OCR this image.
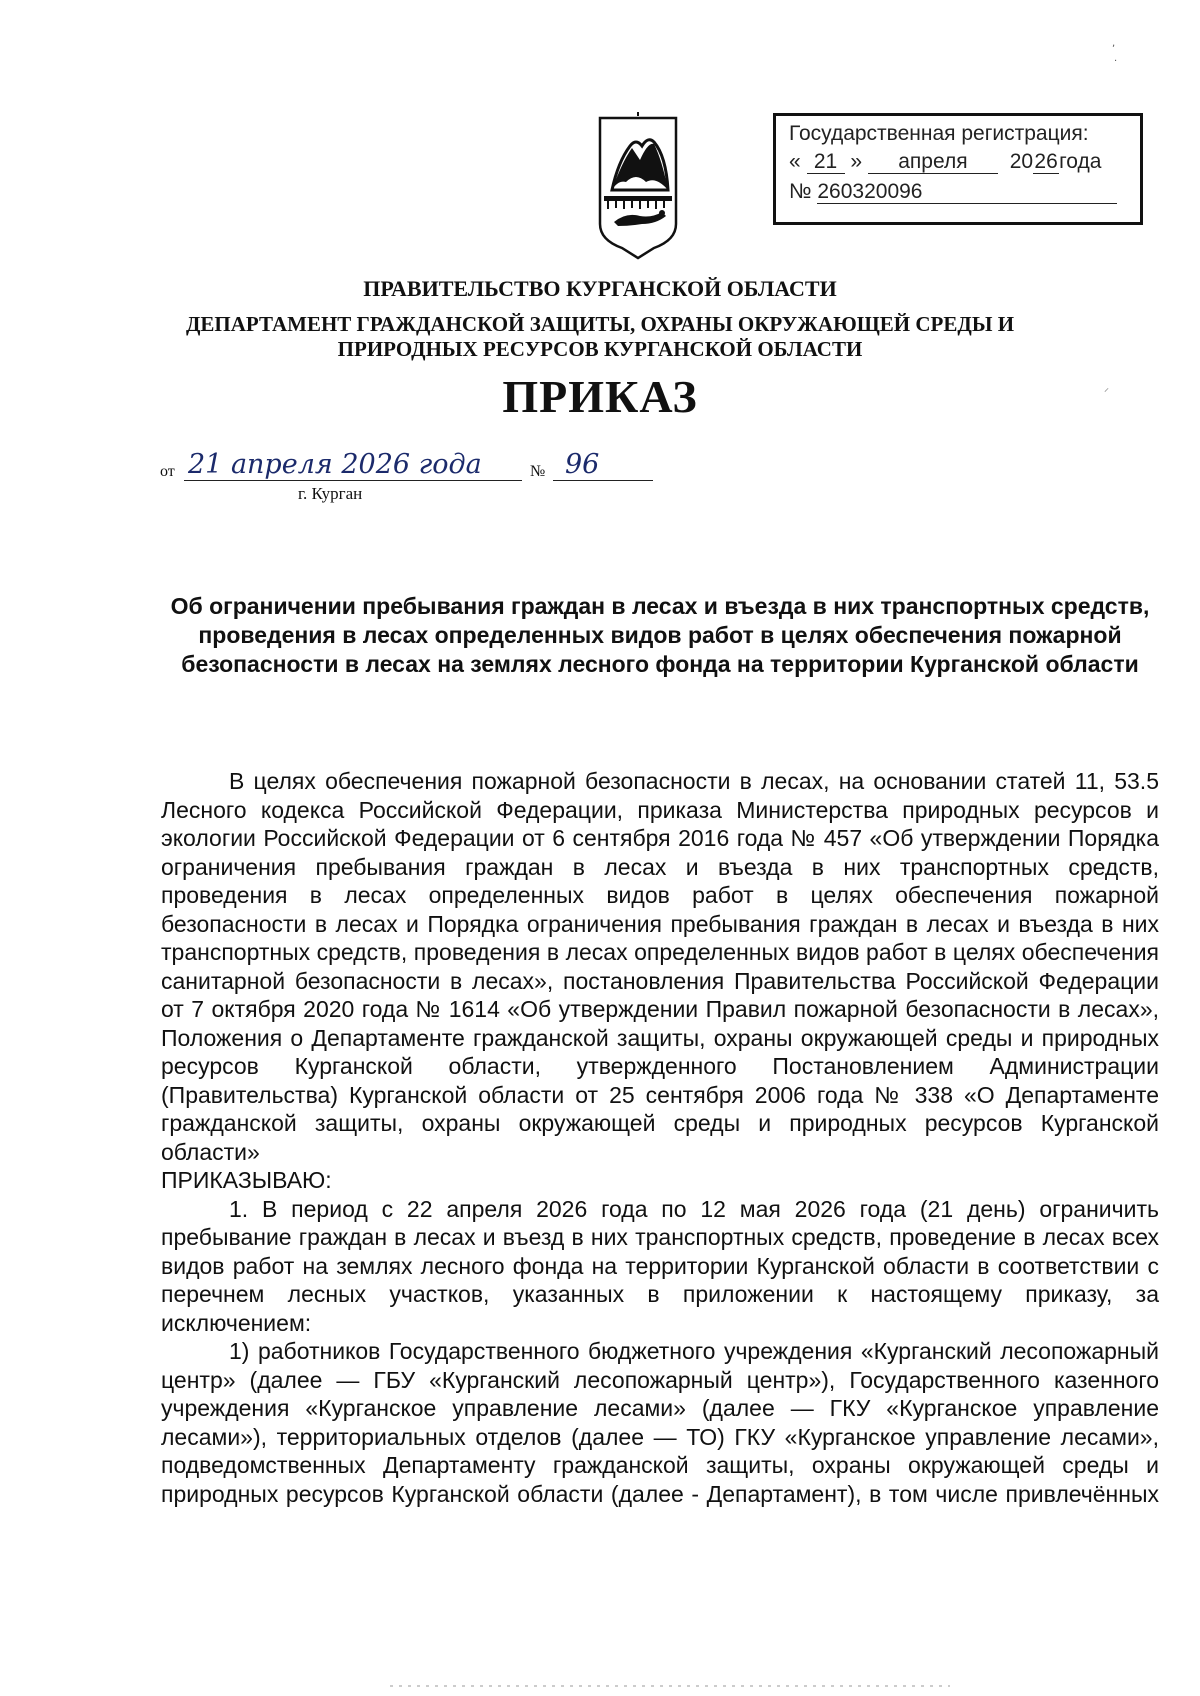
Государственная регистрация:
« 21 » апреля 2026года
№ 260320096
ПРАВИТЕЛЬСТВО КУРГАНСКОЙ ОБЛАСТИ
ДЕПАРТАМЕНТ ГРАЖДАНСКОЙ ЗАЩИТЫ, ОХРАНЫ ОКРУЖАЮЩЕЙ СРЕДЫ И
ПРИРОДНЫХ РЕСУРСОВ КУРГАНСКОЙ ОБЛАСТИ
ПРИКАЗ
от 21 апреля 2026 года	№ 96
г. Курган
Об ограничении пребывания граждан в лесах и въезда в них транспортных средств, проведения в лесах определенных видов работ в целях обеспечения пожарной безопасности в лесах на землях лесного фонда на территории Курганской области

В целях обеспечения пожарной безопасности в лесах, на основании статей 11, 53.5 Лесного кодекса Российской Федерации, приказа Министерства природных ресурсов и экологии Российской Федерации от 6 сентября 2016 года № 457 «Об утверждении Порядка ограничения пребывания граждан в лесах и въезда в них транспортных средств, проведения в лесах определенных видов работ в целях обеспечения пожарной безопасности в лесах и Порядка ограничения пребывания граждан в лесах и въезда в них транспортных средств, проведения в лесах определенных видов работ в целях обеспечения санитарной безопасности в лесах», постановления Правительства Российской Федерации от 7 октября 2020 года № 1614 «Об утверждении Правил пожарной безопасности в лесах», Положения о Департаменте гражданской защиты, охраны окружающей среды и природных ресурсов Курганской области, утвержденного Постановлением Администрации (Правительства) Курганской области от 25 сентября 2006 года № 338 «О Департаменте гражданской защиты, охраны окружающей среды и природных ресурсов Курганской области»

ПРИКАЗЫВАЮ:

1. В период с 22 апреля 2026 года по 12 мая 2026 года (21 день) ограничить пребывание граждан в лесах и въезд в них транспортных средств, проведение в лесах всех видов работ на землях лесного фонда на территории Курганской области в соответствии с перечнем лесных участков, указанных в приложении к настоящему приказу, за исключением:

1) работников Государственного бюджетного учреждения «Курганский лесопожарный центр» (далее — ГБУ «Курганский лесопожарный центр»), Государственного казенного учреждения «Курганское управление лесами» (далее — ГКУ «Курганское управление лесами»), территориальных отделов (далее — ТО) ГКУ «Курганское управление лесами», подведомственных Департаменту гражданской защиты, охраны окружающей среды и природных ресурсов Курганской области (далее - Департамент), в том числе привлечённых

,
·
⸝
